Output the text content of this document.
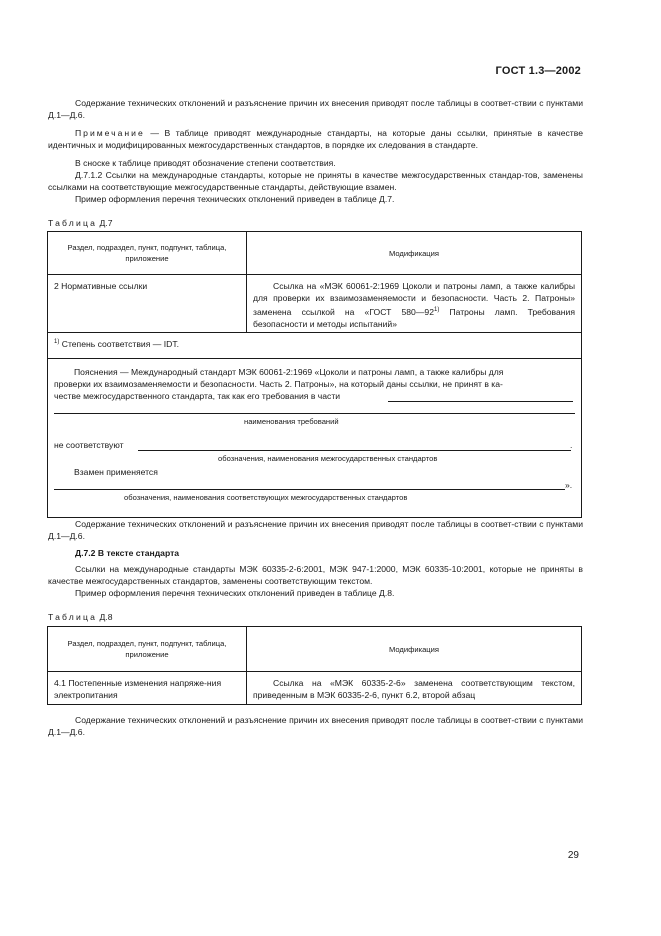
ГОСТ 1.3—2002
Содержание технических отклонений и разъяснение причин их внесения приводят после таблицы в соответ-ствии с пунктами Д.1—Д.6.
Примечание — В таблице приводят международные стандарты, на которые даны ссылки, принятые в качестве идентичных и модифицированных межгосударственных стандартов, в порядке их следования в стандарте.
В сноске к таблице приводят обозначение степени соответствия.
Д.7.1.2 Ссылки на международные стандарты, которые не приняты в качестве межгосударственных стандар-тов, заменены ссылками на соответствующие межгосударственные стандарты, действующие взамен.
Пример оформления перечня технических отклонений приведен в таблице Д.7.
Таблица Д.7
Раздел, подраздел, пункт, подпункт, таблица, приложение
Модификация
2 Нормативные ссылки	Ссылка на «МЭК 60061-2:1969 Цоколи и патроны ламп, а также калибры для проверки их взаимозаменяемости и безопасности. Часть 2. Патроны» заменена ссылкой на «ГОСТ 580—92$^{1)}$ Патроны ламп. Требования безопасности и методы испытаний»
$^{1)}$ Степень соответствия — IDT.
Пояснения — Международный стандарт МЭК 60061-2:1969 «Цоколи и патроны ламп, а также калибры для
проверки их взаимозаменяемости и безопасности. Часть 2. Патроны», на который даны ссылки, не принят в ка-
честве межгосударственного стандарта, так как его требования в части
наименования требований
не соответствуют	.
обозначения, наименования межгосударственных стандартов
Взамен применяется
».
обозначения, наименования соответствующих межгосударственных стандартов
Содержание технических отклонений и разъяснение причин их внесения приводят после таблицы в соответ-ствии с пунктами Д.1—Д.6.
Д.7.2 В тексте стандарта
Ссылки на международные стандарты МЭК 60335-2-6:2001, МЭК 947-1:2000, МЭК 60335-10:2001, которые не приняты в качестве межгосударственных стандартов, заменены соответствующим текстом.
Пример оформления перечня технических отклонений приведен в таблице Д.8.
Таблица Д.8
Раздел, подраздел, пункт, подпункт, таблица, приложение
Модификация
4.1 Постепенные изменения напряже-ния электропитания
Ссылка на «МЭК 60335-2-6» заменена соответствующим текстом, приведенным в МЭК 60335-2-6, пункт 6.2, второй абзац
Содержание технических отклонений и разъяснение причин их внесения приводят после таблицы в соответ-ствии с пунктами Д.1—Д.6.
29
